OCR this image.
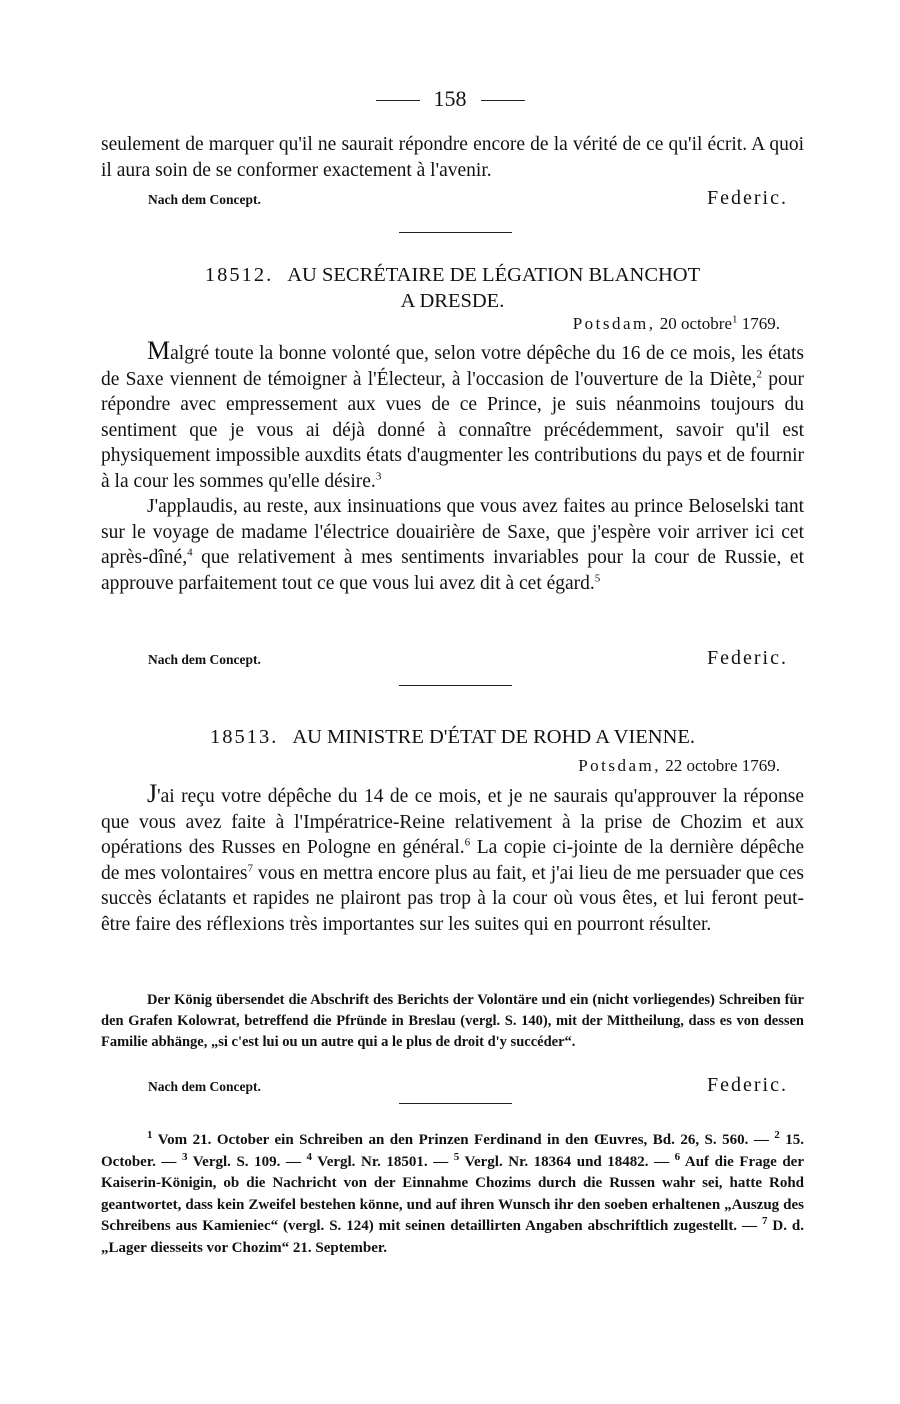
158

seulement de marquer qu'il ne saurait répondre encore de la vérité de ce qu'il écrit. A quoi il aura soin de se conformer exactement à l'avenir.

Nach dem Concept.	Federic.
18512. AU SECRÉTAIRE DE LÉGATION BLANCHOT
A DRESDE.
Potsdam, 20 octobre$^1$ 1769.

Malgré toute la bonne volonté que, selon votre dépêche du 16 de ce mois, les états de Saxe viennent de témoigner à l'Électeur, à l'occasion de l'ouverture de la Diète,$^2$ pour répondre avec empressement aux vues de ce Prince, je suis néanmoins toujours du sentiment que je vous ai déjà donné à connaître précédemment, savoir qu'il est physiquement impossible auxdits états d'augmenter les contributions du pays et de fournir à la cour les sommes qu'elle désire.$^3$

J'applaudis, au reste, aux insinuations que vous avez faites au prince Beloselski tant sur le voyage de madame l'électrice douairière de Saxe, que j'espère voir arriver ici cet après-dîné,$^4$ que relativement à mes sentiments invariables pour la cour de Russie, et approuve parfaitement tout ce que vous lui avez dit à cet égard.$^5$

Nach dem Concept.	Federic.
18513. AU MINISTRE D'ÉTAT DE ROHD A VIENNE.
Potsdam, 22 octobre 1769.

J'ai reçu votre dépêche du 14 de ce mois, et je ne saurais qu'approuver la réponse que vous avez faite à l'Impératrice-Reine relativement à la prise de Chozim et aux opérations des Russes en Pologne en général.$^6$ La copie ci-jointe de la dernière dépêche de mes volontaires$^7$ vous en mettra encore plus au fait, et j'ai lieu de me persuader que ces succès éclatants et rapides ne plairont pas trop à la cour où vous êtes, et lui feront peut-être faire des réflexions très importantes sur les suites qui en pourront résulter.

Der König übersendet die Abschrift des Berichts der Volontäre und ein (nicht vorliegendes) Schreiben für den Grafen Kolowrat, betreffend die Pfründe in Breslau (vergl. S. 140), mit der Mittheilung, dass es von dessen Familie abhänge, „si c'est lui ou un autre qui a le plus de droit d'y succéder“.

Nach dem Concept.	Federic.

$^1$ Vom 21. October ein Schreiben an den Prinzen Ferdinand in den Œuvres, Bd. 26, S. 560. — $^2$ 15. October. — $^3$ Vergl. S. 109. — $^4$ Vergl. Nr. 18501. — $^5$ Vergl. Nr. 18364 und 18482. — $^6$ Auf die Frage der Kaiserin-Königin, ob die Nachricht von der Einnahme Chozims durch die Russen wahr sei, hatte Rohd geantwortet, dass kein Zweifel bestehen könne, und auf ihren Wunsch ihr den soeben erhaltenen „Auszug des Schreibens aus Kamieniec“ (vergl. S. 124) mit seinen detaillirten Angaben abschriftlich zugestellt. — $^7$ D. d. „Lager diesseits vor Chozim“ 21. September.
